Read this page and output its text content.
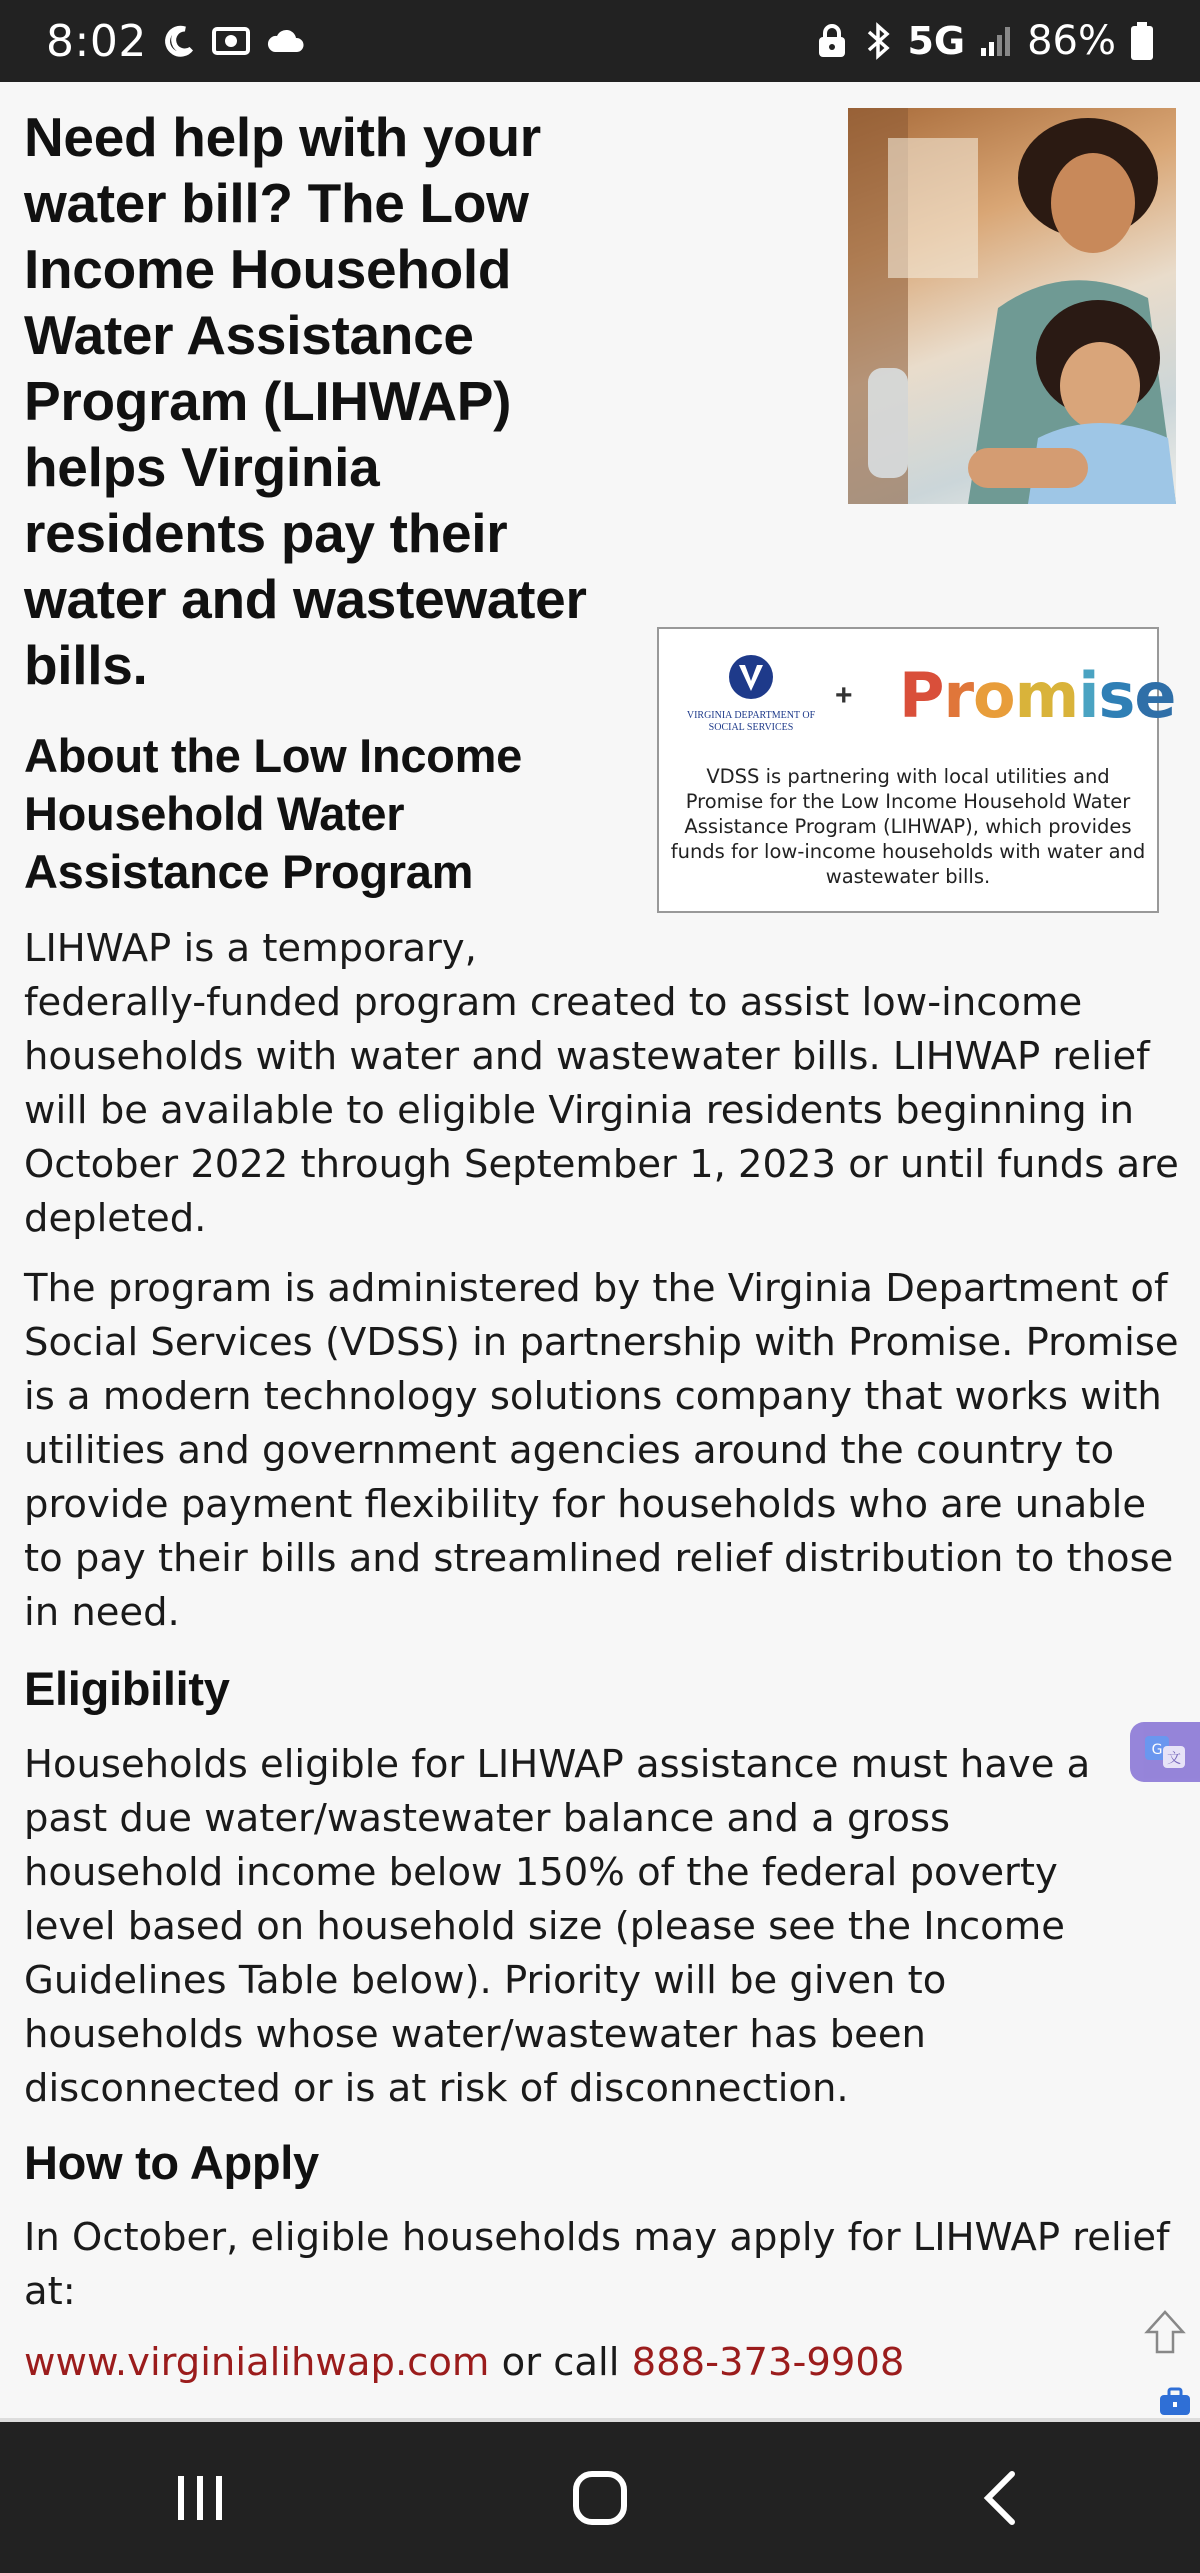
8:02	5G 86%
Need help with your water bill? The Low Income Household Water Assistance Program (LIHWAP) helps Virginia residents pay their water and wastewater bills.
VIRGINIA DEPARTMENT OF SOCIAL SERVICES
+ Promise
VDSS is partnering with local utilities and Promise for the Low Income Household Water Assistance Program (LIHWAP), which provides funds for low-income households with water and wastewater bills.
About the Low Income Household Water Assistance Program

LIHWAP is a temporary,

federally-funded program created to assist low-income households with water and wastewater bills. LIHWAP relief will be available to eligible Virginia residents beginning in October 2022 through September 1, 2023 or until funds are depleted.

The program is administered by the Virginia Department of Social Services (VDSS) in partnership with Promise. Promise is a modern technology solutions company that works with utilities and government agencies around the country to provide payment flexibility for households who are unable to pay their bills and streamlined relief distribution to those in need.

Eligibility

Households eligible for LIHWAP assistance must have a past due water/wastewater balance and a gross household income below 150% of the federal poverty level based on household size (please see the Income Guidelines Table below). Priority will be given to households whose water/wastewater has been disconnected or is at risk of disconnection.

How to Apply

In October, eligible households may apply for LIHWAP relief at:

www.virginialihwap.com or call 888-373-9908

G
文
